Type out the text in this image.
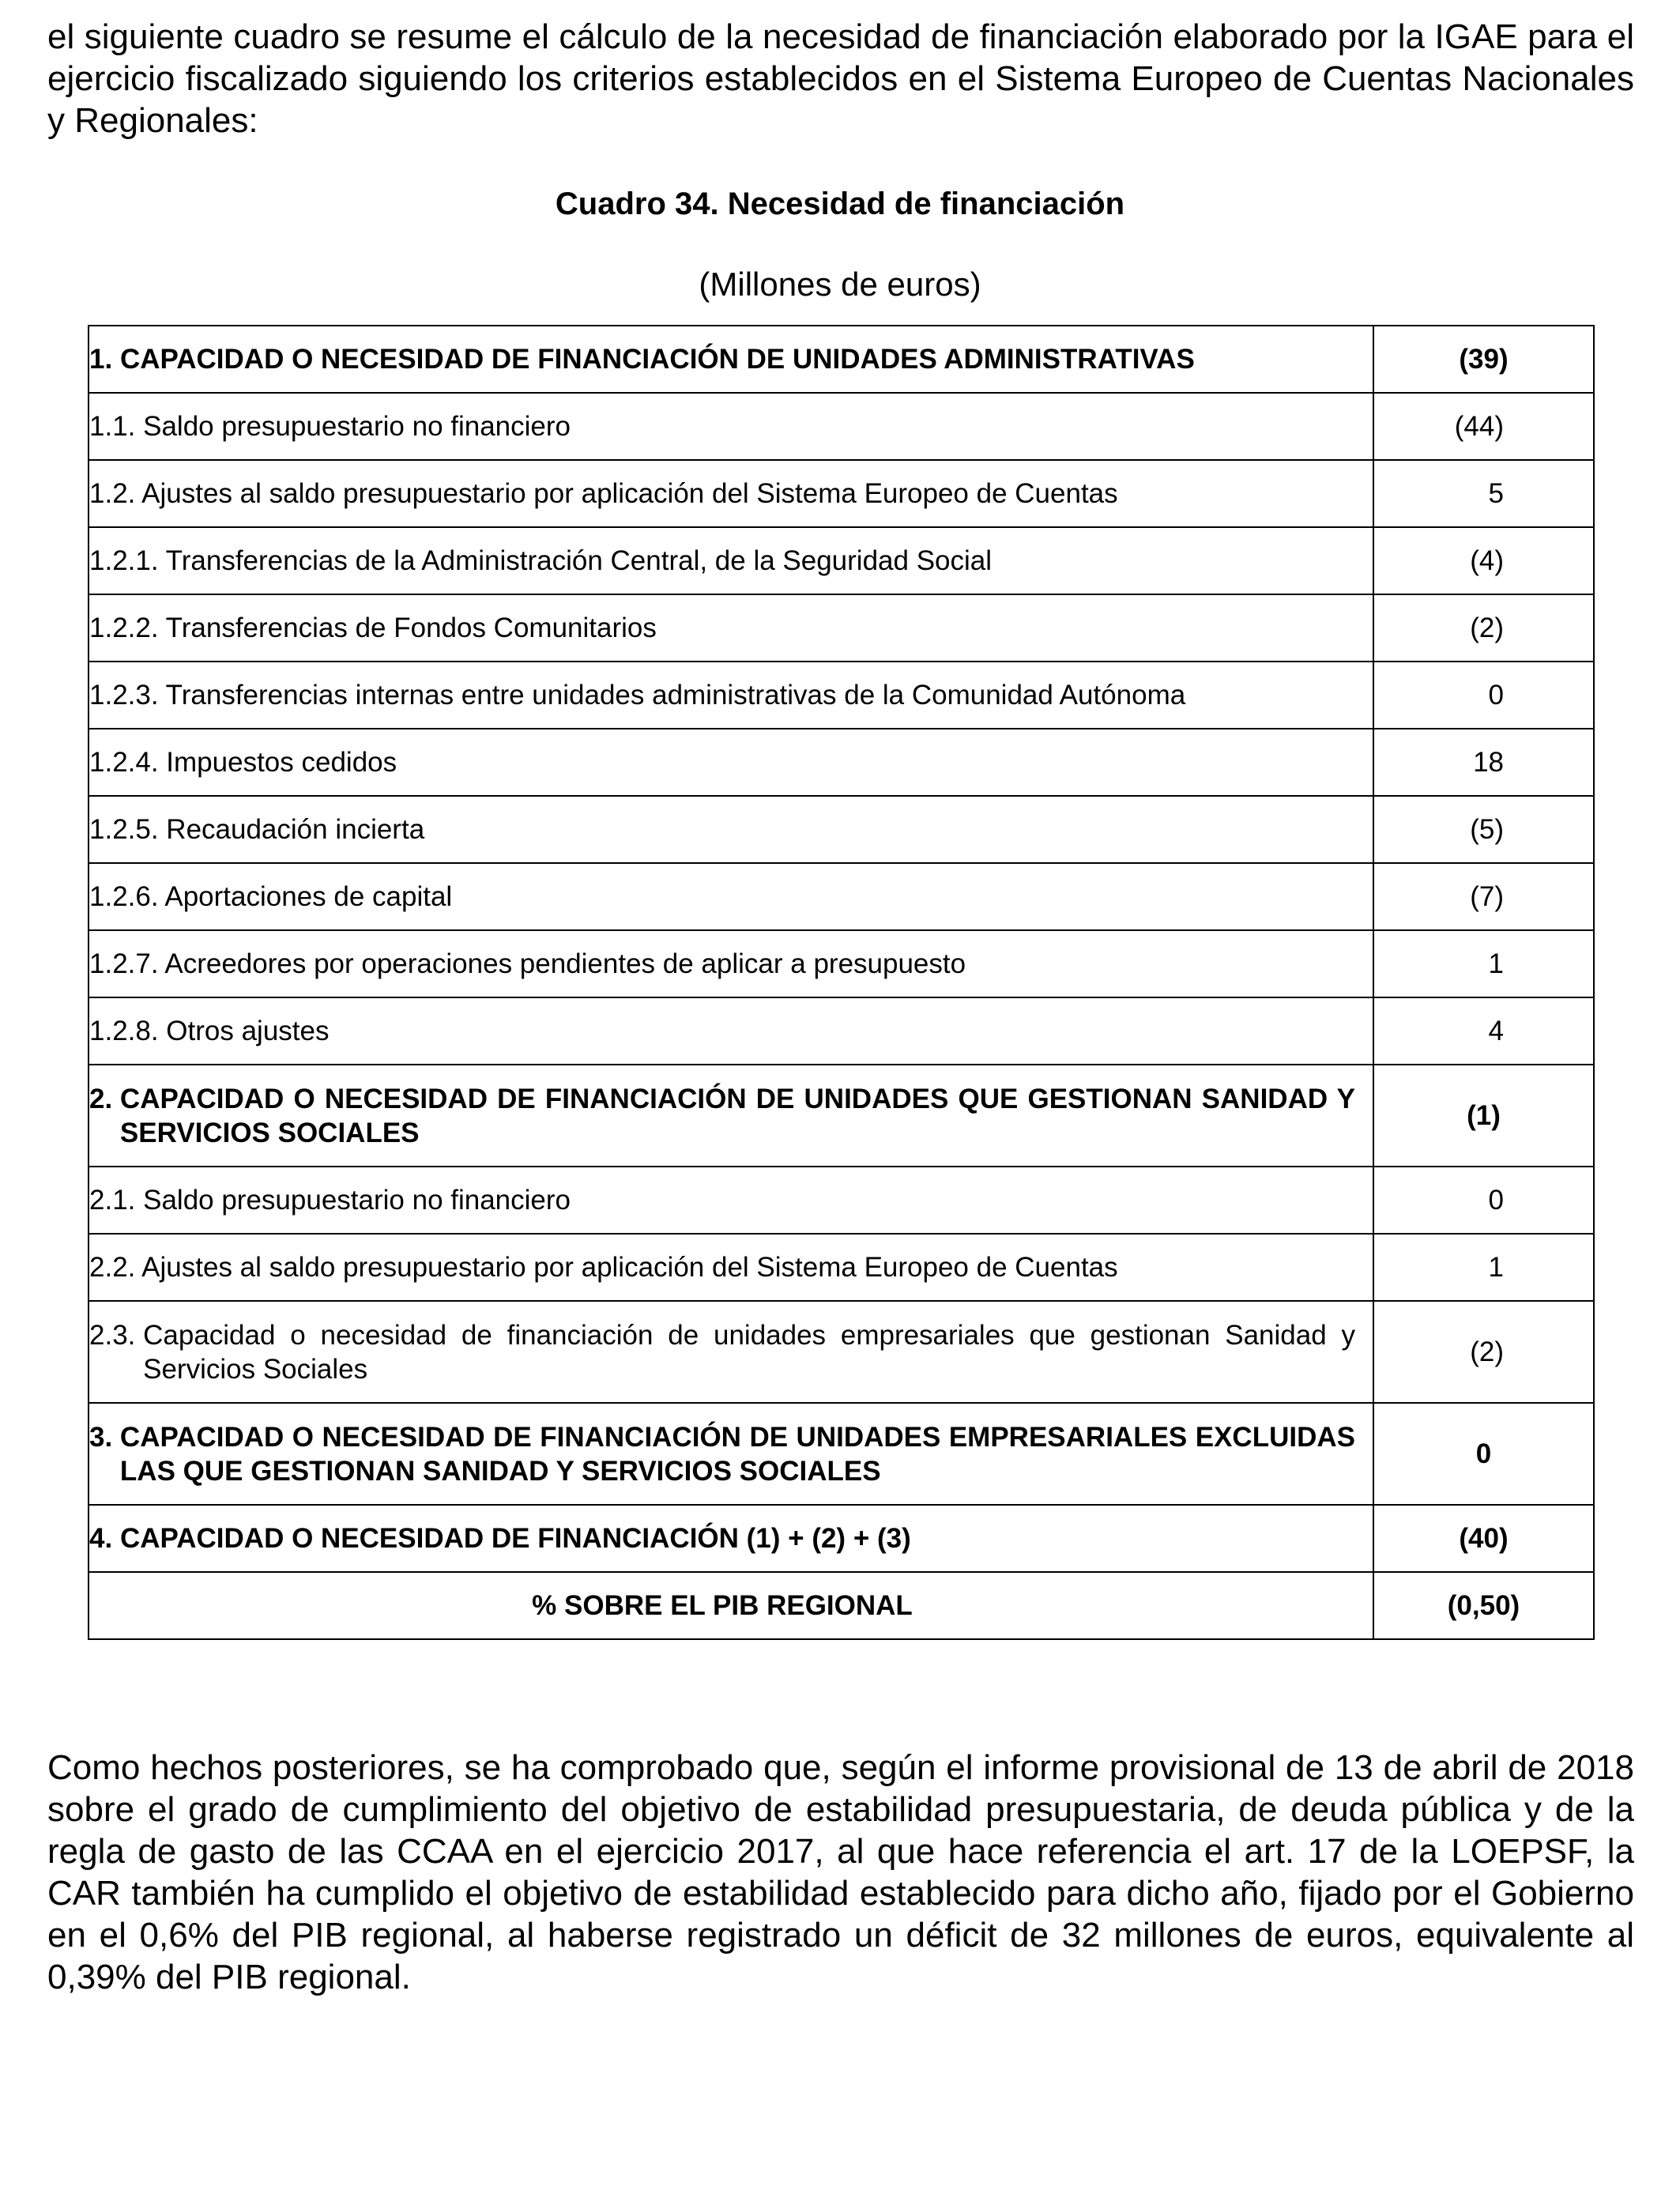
el siguiente cuadro se resume el cálculo de la necesidad de financiación elaborado por la IGAE para el ejercicio fiscalizado siguiendo los criterios establecidos en el Sistema Europeo de Cuentas Nacionales y Regionales:

Cuadro 34. Necesidad de financiación

(Millones de euros)

1. CAPACIDAD O NECESIDAD DE FINANCIACIÓN DE UNIDADES ADMINISTRATIVAS	(39)
1.1. Saldo presupuestario no financiero	(44)
1.2. Ajustes al saldo presupuestario por aplicación del Sistema Europeo de Cuentas	5
1.2.1. Transferencias de la Administración Central, de la Seguridad Social	(4)
1.2.2. Transferencias de Fondos Comunitarios	(2)
1.2.3. Transferencias internas entre unidades administrativas de la Comunidad Autónoma	0
1.2.4. Impuestos cedidos	18
1.2.5. Recaudación incierta	(5)
1.2.6. Aportaciones de capital	(7)
1.2.7. Acreedores por operaciones pendientes de aplicar a presupuesto	1
1.2.8. Otros ajustes	4

2. CAPACIDAD O NECESIDAD DE FINANCIACIÓN DE UNIDADES QUE GESTIONAN SANIDAD Y SERVICIOS SOCIALES	(1)
2.1. Saldo presupuestario no financiero	0
2.2. Ajustes al saldo presupuestario por aplicación del Sistema Europeo de Cuentas	1

2.3. Capacidad o necesidad de financiación de unidades empresariales que gestionan Sanidad y Servicios Sociales	(2)

3. CAPACIDAD O NECESIDAD DE FINANCIACIÓN DE UNIDADES EMPRESARIALES EXCLUIDAS LAS QUE GESTIONAN SANIDAD Y SERVICIOS SOCIALES	0
4. CAPACIDAD O NECESIDAD DE FINANCIACIÓN (1) + (2) + (3)	(40)
% SOBRE EL PIB REGIONAL	(0,50)

Como hechos posteriores, se ha comprobado que, según el informe provisional de 13 de abril de 2018 sobre el grado de cumplimiento del objetivo de estabilidad presupuestaria, de deuda pública y de la regla de gasto de las CCAA en el ejercicio 2017, al que hace referencia el art. 17 de la LOEPSF, la CAR también ha cumplido el objetivo de estabilidad establecido para dicho año, fijado por el Gobierno en el 0,6% del PIB regional, al haberse registrado un déficit de 32 millones de euros, equivalente al 0,39% del PIB regional.
